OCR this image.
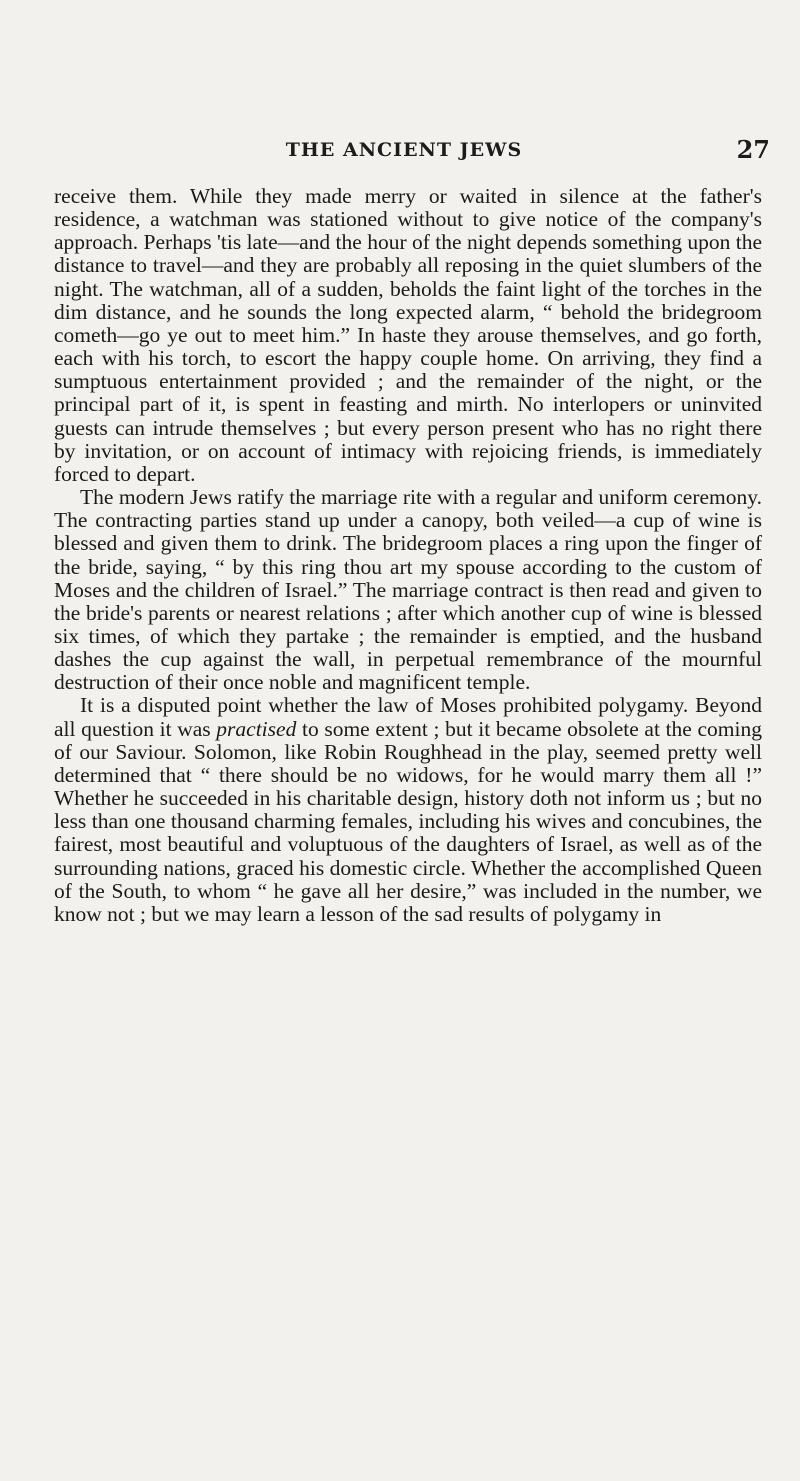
THE ANCIENT JEWS	27

receive them. While they made merry or waited in silence at the father's residence, a watchman was stationed without to give notice of the company's approach. Perhaps 'tis late—and the hour of the night depends something upon the distance to travel—and they are probably all reposing in the quiet slumbers of the night. The watchman, all of a sudden, beholds the faint light of the torches in the dim distance, and he sounds the long expected alarm, “ behold the bridegroom cometh—go ye out to meet him.” In haste they arouse themselves, and go forth, each with his torch, to escort the happy couple home. On arriving, they find a sumptuous entertainment provided ; and the remainder of the night, or the principal part of it, is spent in feasting and mirth. No interlopers or uninvited guests can intrude themselves ; but every person present who has no right there by invitation, or on account of intimacy with rejoicing friends, is immediately forced to depart.

The modern Jews ratify the marriage rite with a regular and uniform ceremony. The contracting parties stand up under a canopy, both veiled—a cup of wine is blessed and given them to drink. The bridegroom places a ring upon the finger of the bride, saying, “ by this ring thou art my spouse according to the custom of Moses and the children of Israel.” The marriage contract is then read and given to the bride's parents or nearest relations ; after which another cup of wine is blessed six times, of which they partake ; the remainder is emptied, and the husband dashes the cup against the wall, in perpetual remembrance of the mournful destruction of their once noble and magnificent temple.

It is a disputed point whether the law of Moses prohibited polygamy. Beyond all question it was practised to some extent ; but it became obsolete at the coming of our Saviour. Solomon, like Robin Roughhead in the play, seemed pretty well determined that “ there should be no widows, for he would marry them all !” Whether he succeeded in his charitable design, history doth not inform us ; but no less than one thousand charming females, including his wives and concubines, the fairest, most beautiful and voluptuous of the daughters of Israel, as well as of the surrounding nations, graced his domestic circle. Whether the accomplished Queen of the South, to whom “ he gave all her desire,” was included in the number, we know not ; but we may learn a lesson of the sad results of polygamy in
